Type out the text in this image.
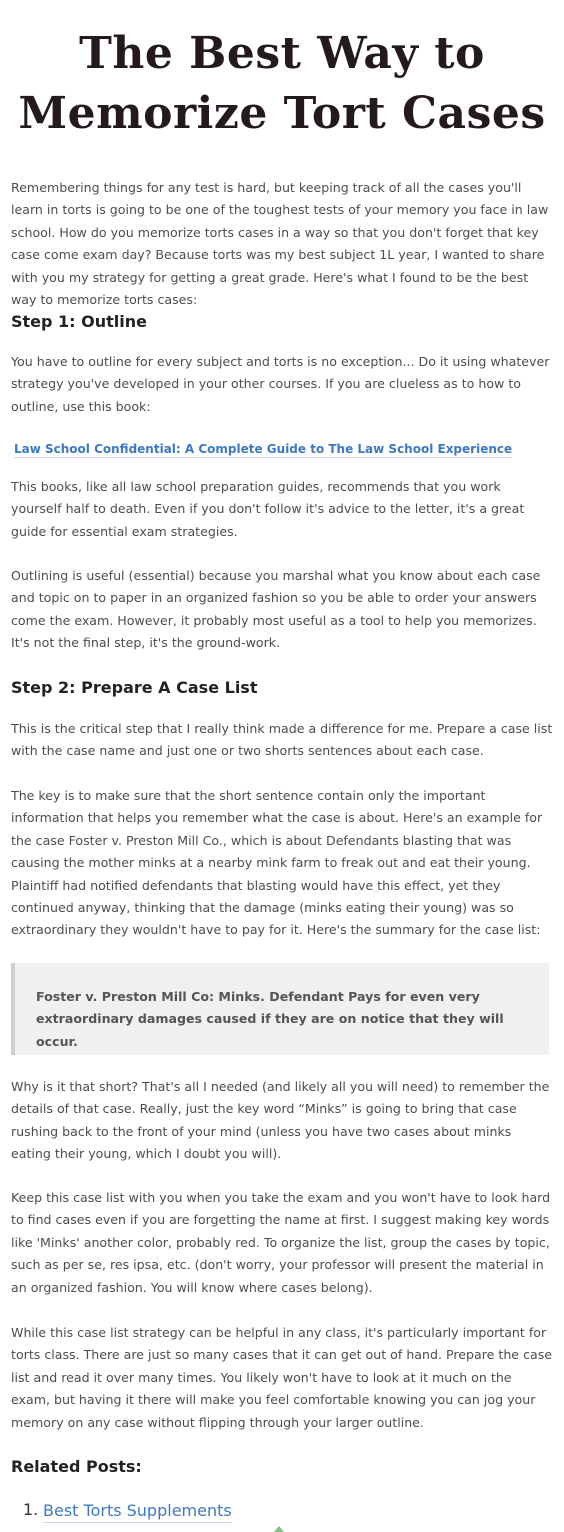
The Best Way to
Memorize Tort Cases

Remembering things for any test is hard, but keeping track of all the cases you'll learn in torts is going to be one of the toughest tests of your memory you face in law school. How do you memorize torts cases in a way so that you don't forget that key case come exam day? Because torts was my best subject 1L year, I wanted to share with you my strategy for getting a great grade. Here's what I found to be the best way to memorize torts cases:

Step 1: Outline

You have to outline for every subject and torts is no exception... Do it using whatever strategy you've developed in your other courses. If you are clueless as to how to outline, use this book:

Law School Confidential: A Complete Guide to The Law School Experience

This books, like all law school preparation guides, recommends that you work yourself half to death. Even if you don't follow it's advice to the letter, it's a great guide for essential exam strategies.

Outlining is useful (essential) because you marshal what you know about each case and topic on to paper in an organized fashion so you be able to order your answers come the exam. However, it probably most useful as a tool to help you memorizes. It's not the final step, it's the ground-work.

Step 2: Prepare A Case List

This is the critical step that I really think made a difference for me. Prepare a case list with the case name and just one or two shorts sentences about each case.

The key is to make sure that the short sentence contain only the important information that helps you remember what the case is about. Here's an example for the case Foster v. Preston Mill Co., which is about Defendants blasting that was causing the mother minks at a nearby mink farm to freak out and eat their young. Plaintiff had notified defendants that blasting would have this effect, yet they continued anyway, thinking that the damage (minks eating their young) was so extraordinary they wouldn't have to pay for it. Here's the summary for the case list:

Foster v. Preston Mill Co: Minks. Defendant Pays for even very extraordinary damages caused if they are on notice that they will occur.

Why is it that short? That's all I needed (and likely all you will need) to remember the details of that case. Really, just the key word “Minks” is going to bring that case rushing back to the front of your mind (unless you have two cases about minks eating their young, which I doubt you will).

Keep this case list with you when you take the exam and you won't have to look hard to find cases even if you are forgetting the name at first. I suggest making key words like 'Minks' another color, probably red. To organize the list, group the cases by topic, such as per se, res ipsa, etc. (don't worry, your professor will present the material in an organized fashion. You will know where cases belong).

While this case list strategy can be helpful in any class, it's particularly important for torts class. There are just so many cases that it can get out of hand. Prepare the case list and read it over many times. You likely won't have to look at it much on the exam, but having it there will make you feel comfortable knowing you can jog your memory on any case without flipping through your larger outline.

Related Posts:
1. Best Torts Supplements
